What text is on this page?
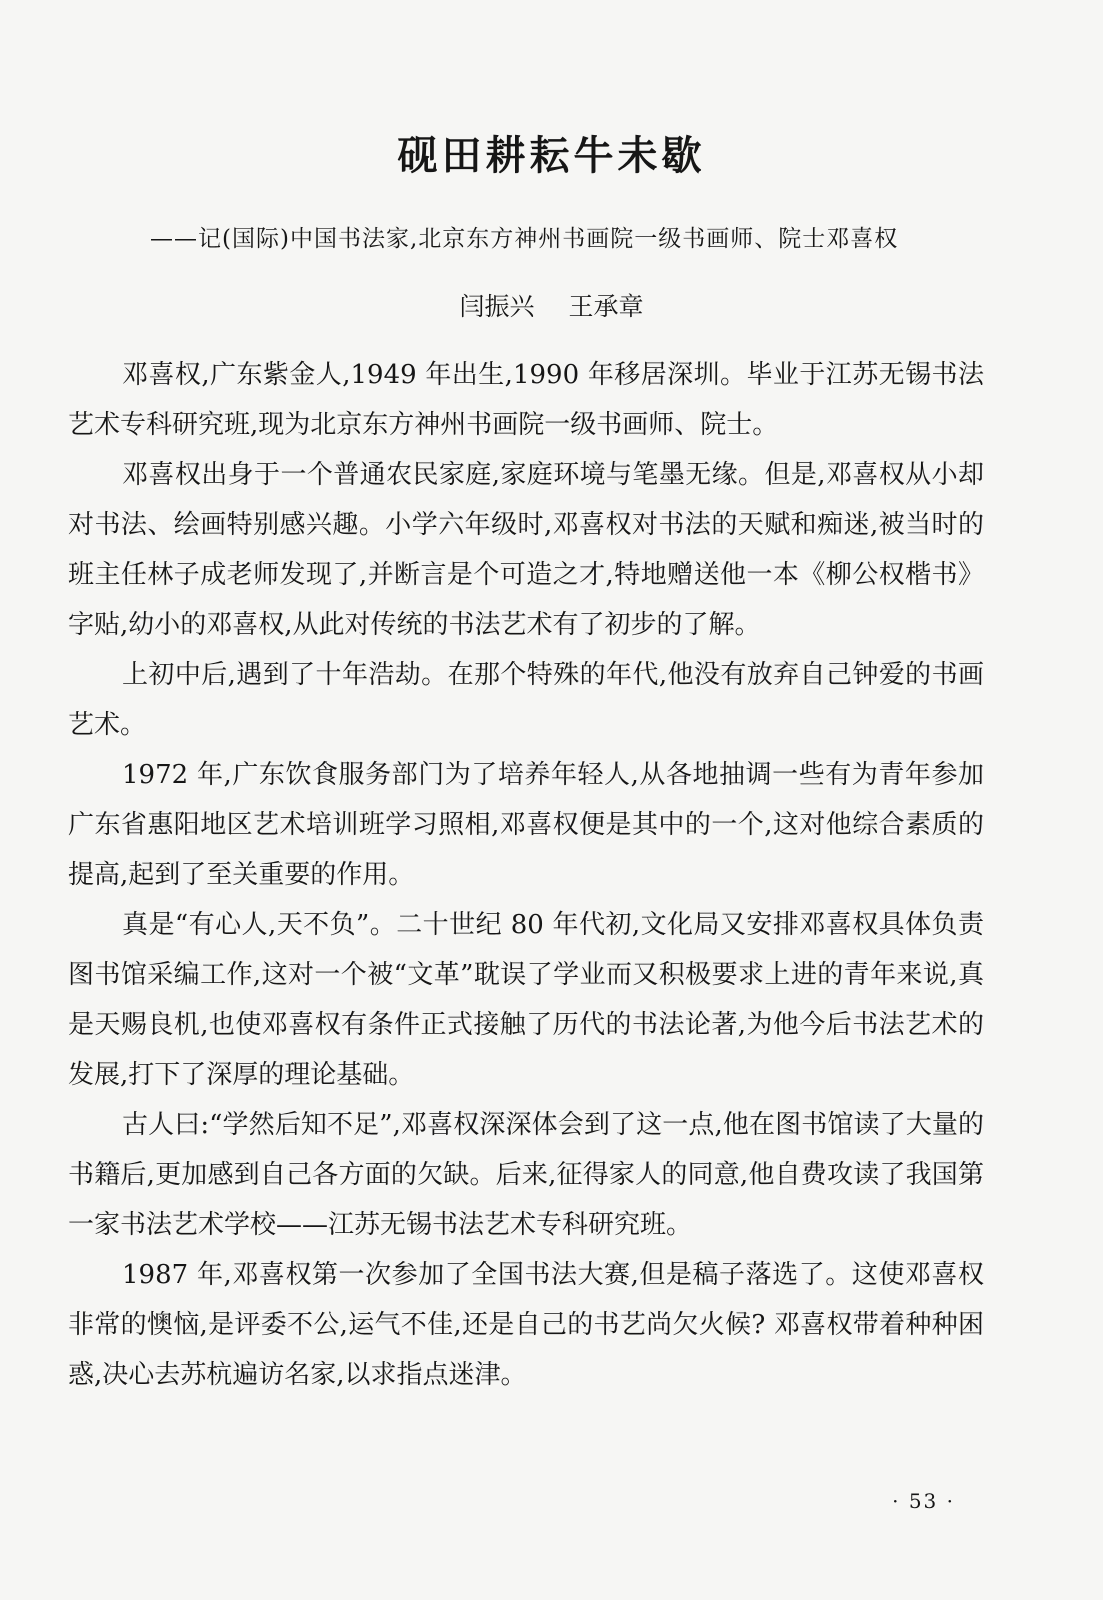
砚田耕耘牛未歇

——记(国际)中国书法家,北京东方神州书画院一级书画师、院士邓喜权

闫振兴 王承章

邓喜权,广东紫金人,1949 年出生,1990 年移居深圳。毕业于江苏无锡书法艺术专科研究班,现为北京东方神州书画院一级书画师、院士。

邓喜权出身于一个普通农民家庭,家庭环境与笔墨无缘。但是,邓喜权从小却对书法、绘画特别感兴趣。小学六年级时,邓喜权对书法的天赋和痴迷,被当时的班主任林子成老师发现了,并断言是个可造之才,特地赠送他一本《柳公权楷书》字贴,幼小的邓喜权,从此对传统的书法艺术有了初步的了解。

上初中后,遇到了十年浩劫。在那个特殊的年代,他没有放弃自己钟爱的书画艺术。

1972 年,广东饮食服务部门为了培养年轻人,从各地抽调一些有为青年参加广东省惠阳地区艺术培训班学习照相,邓喜权便是其中的一个,这对他综合素质的提高,起到了至关重要的作用。

真是“有心人,天不负”。二十世纪 80 年代初,文化局又安排邓喜权具体负责图书馆采编工作,这对一个被“文革”耽误了学业而又积极要求上进的青年来说,真是天赐良机,也使邓喜权有条件正式接触了历代的书法论著,为他今后书法艺术的发展,打下了深厚的理论基础。

古人曰:“学然后知不足”,邓喜权深深体会到了这一点,他在图书馆读了大量的书籍后,更加感到自己各方面的欠缺。后来,征得家人的同意,他自费攻读了我国第一家书法艺术学校——江苏无锡书法艺术专科研究班。

1987 年,邓喜权第一次参加了全国书法大赛,但是稿子落选了。这使邓喜权非常的懊恼,是评委不公,运气不佳,还是自己的书艺尚欠火候? 邓喜权带着种种困惑,决心去苏杭遍访名家,以求指点迷津。

· 53 ·
